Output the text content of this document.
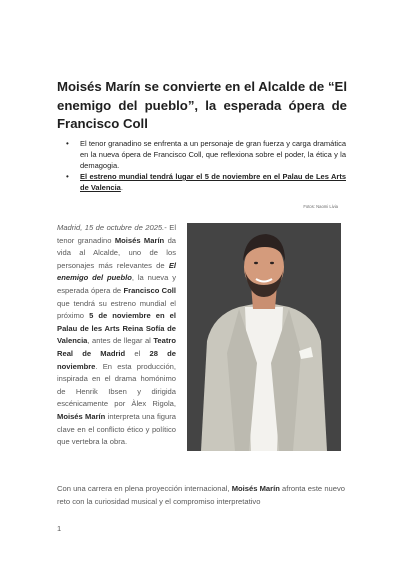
Moisés Marín se convierte en el Alcalde de “El enemigo del pueblo”, la esperada ópera de Francisco Coll
• El tenor granadino se enfrenta a un personaje de gran fuerza y carga dramática en la nueva ópera de Francisco Coll, que reflexiona sobre el poder, la ética y la demagogia.
• El estreno mundial tendrá lugar el 5 de noviembre en el Palau de Les Arts de Valencia.
Fotos: Naomi Livia

Madrid, 15 de octubre de 2025.- El tenor granadino Moisés Marín da vida al Alcalde, uno de los personajes más relevantes de El enemigo del pueblo, la nueva y esperada ópera de Francisco Coll que tendrá su estreno mundial el próximo 5 de noviembre en el Palau de les Arts Reina Sofía de Valencia, antes de llegar al Teatro Real de Madrid el 28 de noviembre. En esta producción, inspirada en el drama homónimo de Henrik Ibsen y dirigida escénicamente por Àlex Rigola, Moisés Marín interpreta una figura clave en el conflicto ético y político que vertebra la obra.

Con una carrera en plena proyección internacional, Moisés Marín afronta este nuevo reto con la curiosidad musical y el compromiso interpretativo

1
